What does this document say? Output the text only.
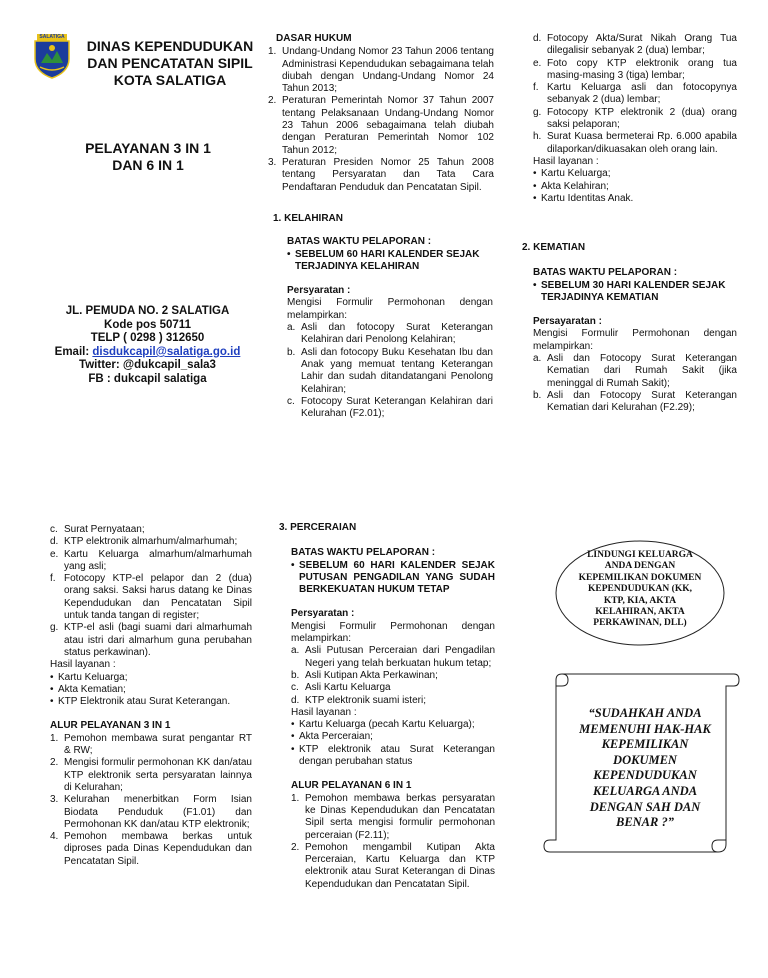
SALATIGA
DINAS KEPENDUDUKAN
DAN PENCATATAN SIPIL
KOTA SALATIGA
PELAYANAN 3 IN 1
DAN 6 IN 1
JL. PEMUDA NO. 2 SALATIGA
Kode pos 50711
TELP ( 0298 ) 312650
Email: disdukcapil@salatiga.go.id
Twitter: @dukcapil_sala3
FB : dukcapil salatiga
DASAR HUKUM
1. Undang-Undang Nomor 23 Tahun 2006 tentang Administrasi Kependudukan sebagaimana telah diubah dengan Undang-Undang Nomor 24 Tahun 2013;
2. Peraturan Pemerintah Nomor 37 Tahun 2007 tentang Pelaksanaan Undang-Undang Nomor 23 Tahun 2006 sebagaimana telah diubah dengan Peraturan Pemerintah Nomor 102 Tahun 2012;
3. Peraturan Presiden Nomor 25 Tahun 2008 tentang Persyaratan dan Tata Cara Pendaftaran Penduduk dan Pencatatan Sipil.
1. KELAHIRAN
BATAS WAKTU PELAPORAN :
• SEBELUM 60 HARI KALENDER SEJAK TERJADINYA KELAHIRAN
Persyaratan :
Mengisi Formulir Permohonan dengan melampirkan:
a. Asli dan fotocopy Surat Keterangan Kelahiran dari Penolong Kelahiran;
b. Asli dan fotocopy Buku Kesehatan Ibu dan Anak yang memuat tentang Keterangan Lahir dan sudah ditandatangani Penolong Kelahiran;
c. Fotocopy Surat Keterangan Kelahiran dari Kelurahan (F2.01);
d. Fotocopy Akta/Surat Nikah Orang Tua dilegalisir sebanyak 2 (dua) lembar;
e. Foto copy KTP elektronik orang tua masing-masing 3 (tiga) lembar;
f. Kartu Keluarga asli dan fotocopynya sebanyak 2 (dua) lembar;
g. Fotocopy KTP elektronik 2 (dua) orang saksi pelaporan;
h. Surat Kuasa bermeterai Rp. 6.000 apabila dilaporkan/dikuasakan oleh orang lain.
Hasil layanan :
• Kartu Keluarga;
• Akta Kelahiran;
• Kartu Identitas Anak.
2. KEMATIAN
BATAS WAKTU PELAPORAN :
• SEBELUM 30 HARI KALENDER SEJAK TERJADINYA KEMATIAN
Persayaratan :
Mengisi Formulir Permohonan dengan melampirkan:
a. Asli dan Fotocopy Surat Keterangan Kematian dari Rumah Sakit (jika meninggal di Rumah Sakit);
b. Asli dan Fotocopy Surat Keterangan Kematian dari Kelurahan (F2.29);
c. Surat Pernyataan;
d. KTP elektronik almarhum/almarhumah;
e. Kartu Keluarga almarhum/almarhumah yang asli;
f. Fotocopy KTP-el pelapor dan 2 (dua) orang saksi. Saksi harus datang ke Dinas Kependudukan dan Pencatatan Sipil untuk tanda tangan di register;
g. KTP-el asli (bagi suami dari almarhumah atau istri dari almarhum guna perubahan status perkawinan).
Hasil layanan :
• Kartu Keluarga;
• Akta Kematian;
• KTP Elektronik atau Surat Keterangan.
ALUR PELAYANAN 3 IN 1
1. Pemohon membawa surat pengantar RT & RW;
2. Mengisi formulir permohonan KK dan/atau KTP elektronik serta persyaratan lainnya di Kelurahan;
3. Kelurahan menerbitkan Form Isian Biodata Penduduk (F1.01) dan Permohonan KK dan/atau KTP elektronik;
4. Pemohon membawa berkas untuk diproses pada Dinas Kependudukan dan Pencatatan Sipil.
3. PERCERAIAN
BATAS WAKTU PELAPORAN :
• SEBELUM 60 HARI KALENDER SEJAK PUTUSAN PENGADILAN YANG SUDAH BERKEKUATAN HUKUM TETAP
Persyaratan :
Mengisi Formulir Permohonan dengan melampirkan:
a. Asli Putusan Perceraian dari Pengadilan Negeri yang telah berkuatan hukum tetap;
b. Asli Kutipan Akta Perkawinan;
c. Asli Kartu Keluarga
d. KTP elektronik suami isteri;
Hasil layanan :
• Kartu Keluarga (pecah Kartu Keluarga);
• Akta Perceraian;
• KTP elektronik atau Surat Keterangan dengan perubahan status
ALUR PELAYANAN 6 IN 1
1. Pemohon membawa berkas persyaratan ke Dinas Kependudukan dan Pencatatan Sipil serta mengisi formulir permohonan perceraian (F2.11);
2. Pemohon mengambil Kutipan Akta Perceraian, Kartu Keluarga dan KTP elektronik atau Surat Keterangan di Dinas Kependudukan dan Pencatatan Sipil.
LINDUNGI KELUARGA ANDA DENGAN KEPEMILIKAN DOKUMEN KEPENDUDUKAN (KK, KTP, KIA, AKTA KELAHIRAN, AKTA PERKAWINAN, DLL)
“SUDAHKAH ANDA MEMENUHI HAK-HAK KEPEMILIKAN DOKUMEN KEPENDUDUKAN KELUARGA ANDA DENGAN SAH DAN BENAR ?”
